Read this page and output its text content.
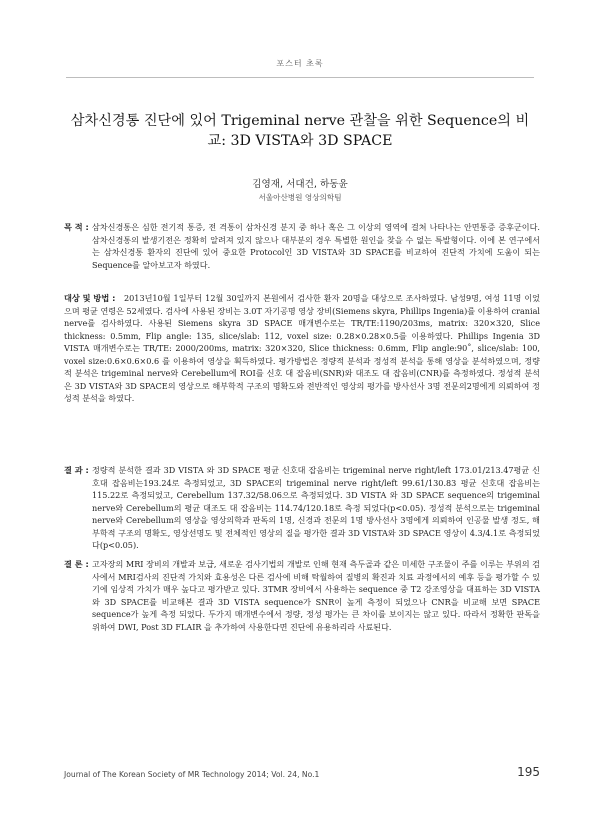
포스터 초록
삼차신경통 진단에 있어 Trigeminal nerve 관찰을 위한 Sequence의 비교: 3D VISTA와 3D SPACE
김영재, 서대건, 하동윤
서울아산병원 영상의학팀
목 적 : 삼차신경통은 심한 전기적 통증, 전 격통이 삼차신경 분지 중 하나 혹은 그 이상의 영역에 걸쳐 나타나는 안면통증 증후군이다. 삼차신경통의 발생기전은 정확히 알려져 있지 않으나 대부분의 경우 특별한 원인을 찾을 수 없는 특발형이다. 이에 본 연구에서는 삼차신경통 환자의 진단에 있어 중요한 Protocol인 3D VISTA와 3D SPACE를 비교하여 진단적 가치에 도움이 되는 Sequence를 알아보고자 하였다.
대상 및 방법 :	2013년10월 1일부터 12월 30일까지 본원에서 검사한 환자 20명을 대상으로 조사하였다. 남성9명, 여성 11명 이었으며 평균 연령은 52세였다. 검사에 사용된 장비는 3.0T 자기공명 영상 장비(Siemens skyra, Phillips Ingenia)를 이용하여 cranial nerve를 검사하였다. 사용된 Siemens skyra 3D SPACE 매개변수로는 TR/TE:1190/203ms, matrix: 320×320, Slice thickness: 0.5mm, Flip angle: 135, slice/slab: 112, voxel size: 0.28×0.28×0.5를 이용하였다. Phillips Ingenia 3D VISTA 매개변수로는 TR/TE: 2000/200ms, matrix: 320×320, Slice thickness: 0.6mm, Flip angle:90˚, slice/slab: 100, voxel size:0.6×0.6×0.6 를 이용하여 영상을 획득하였다. 평가방법은 정량적 분석과 정성적 분석을 통해 영상을 분석하였으며, 정량적 분석은 trigeminal nerve와 Cerebellum에 ROI를 신호 대 잡음비(SNR)와 대조도 대 잡음비(CNR)를 측정하였다. 정성적 분석은 3D VISTA와 3D SPACE의 영상으로 해부학적 구조의 명확도와 전반적인 영상의 평가를 방사선사 3명 전문의2명에게 의뢰하여 정성적 분석을 하였다.
결 과 : 정량적 분석한 결과 3D VISTA 와 3D SPACE 평균 신호대 잡음비는 trigeminal nerve right/left 173.01/213.47평균 신호대 잡음비는193.24로 측정되었고, 3D SPACE의 trigeminal nerve right/left 99.61/130.83 평균 신호대 잡음비는115.22로 측정되었고, Cerebellum 137.32/58.06으로 측정되었다. 3D VISTA 와 3D SPACE sequence의 trigeminal nerve와 Cerebellum의 평균 대조도 대 잡음비는 114.74/120.18로 측정 되었다(p<0.05). 정성적 분석으로는 trigeminal nerve와 Cerebellum의 영상을 영상의학과 판독의 1명, 신경과 전문의 1명 방사선사 3명에게 의뢰하여 인공물 발생 정도, 해부학적 구조의 명확도, 영상선명도 및 전체적인 영상의 질을 평가한 결과 3D VISTA와 3D SPACE 영상이 4.3/4.1로 측정되었다(p<0.05).
결 론 : 고자장의 MRI 장비의 개발과 보급, 새로운 검사기법의 개발로 인해 현재 측두골과 같은 미세한 구조물이 주를 이루는 부위의 검사에서 MRI검사의 진단적 가치와 효용성은 다른 검사에 비해 탁월하여 질병의 확진과 치료 과정에서의 예후 등을 평가할 수 있기에 임상적 가치가 매우 높다고 평가받고 있다. 3TMR 장비에서 사용하는 sequence 중 T2 강조영상을 대표하는 3D VISTA와 3D SPACE를 비교해본 결과 3D VISTA sequence가 SNR이 높게 측정이 되었으나 CNR을 비교해 보면 SPACE sequence가 높게 측정 되었다. 두가지 매개변수에서 정량, 정성 평가는 큰 차이를 보이지는 않고 있다. 따라서 정확한 판독을 위하여 DWI, Post 3D FLAIR 을 추가하여 사용한다면 진단에 유용하리라 사료된다.
Journal of The Korean Society of MR Technology 2014; Vol. 24, No.1	195
